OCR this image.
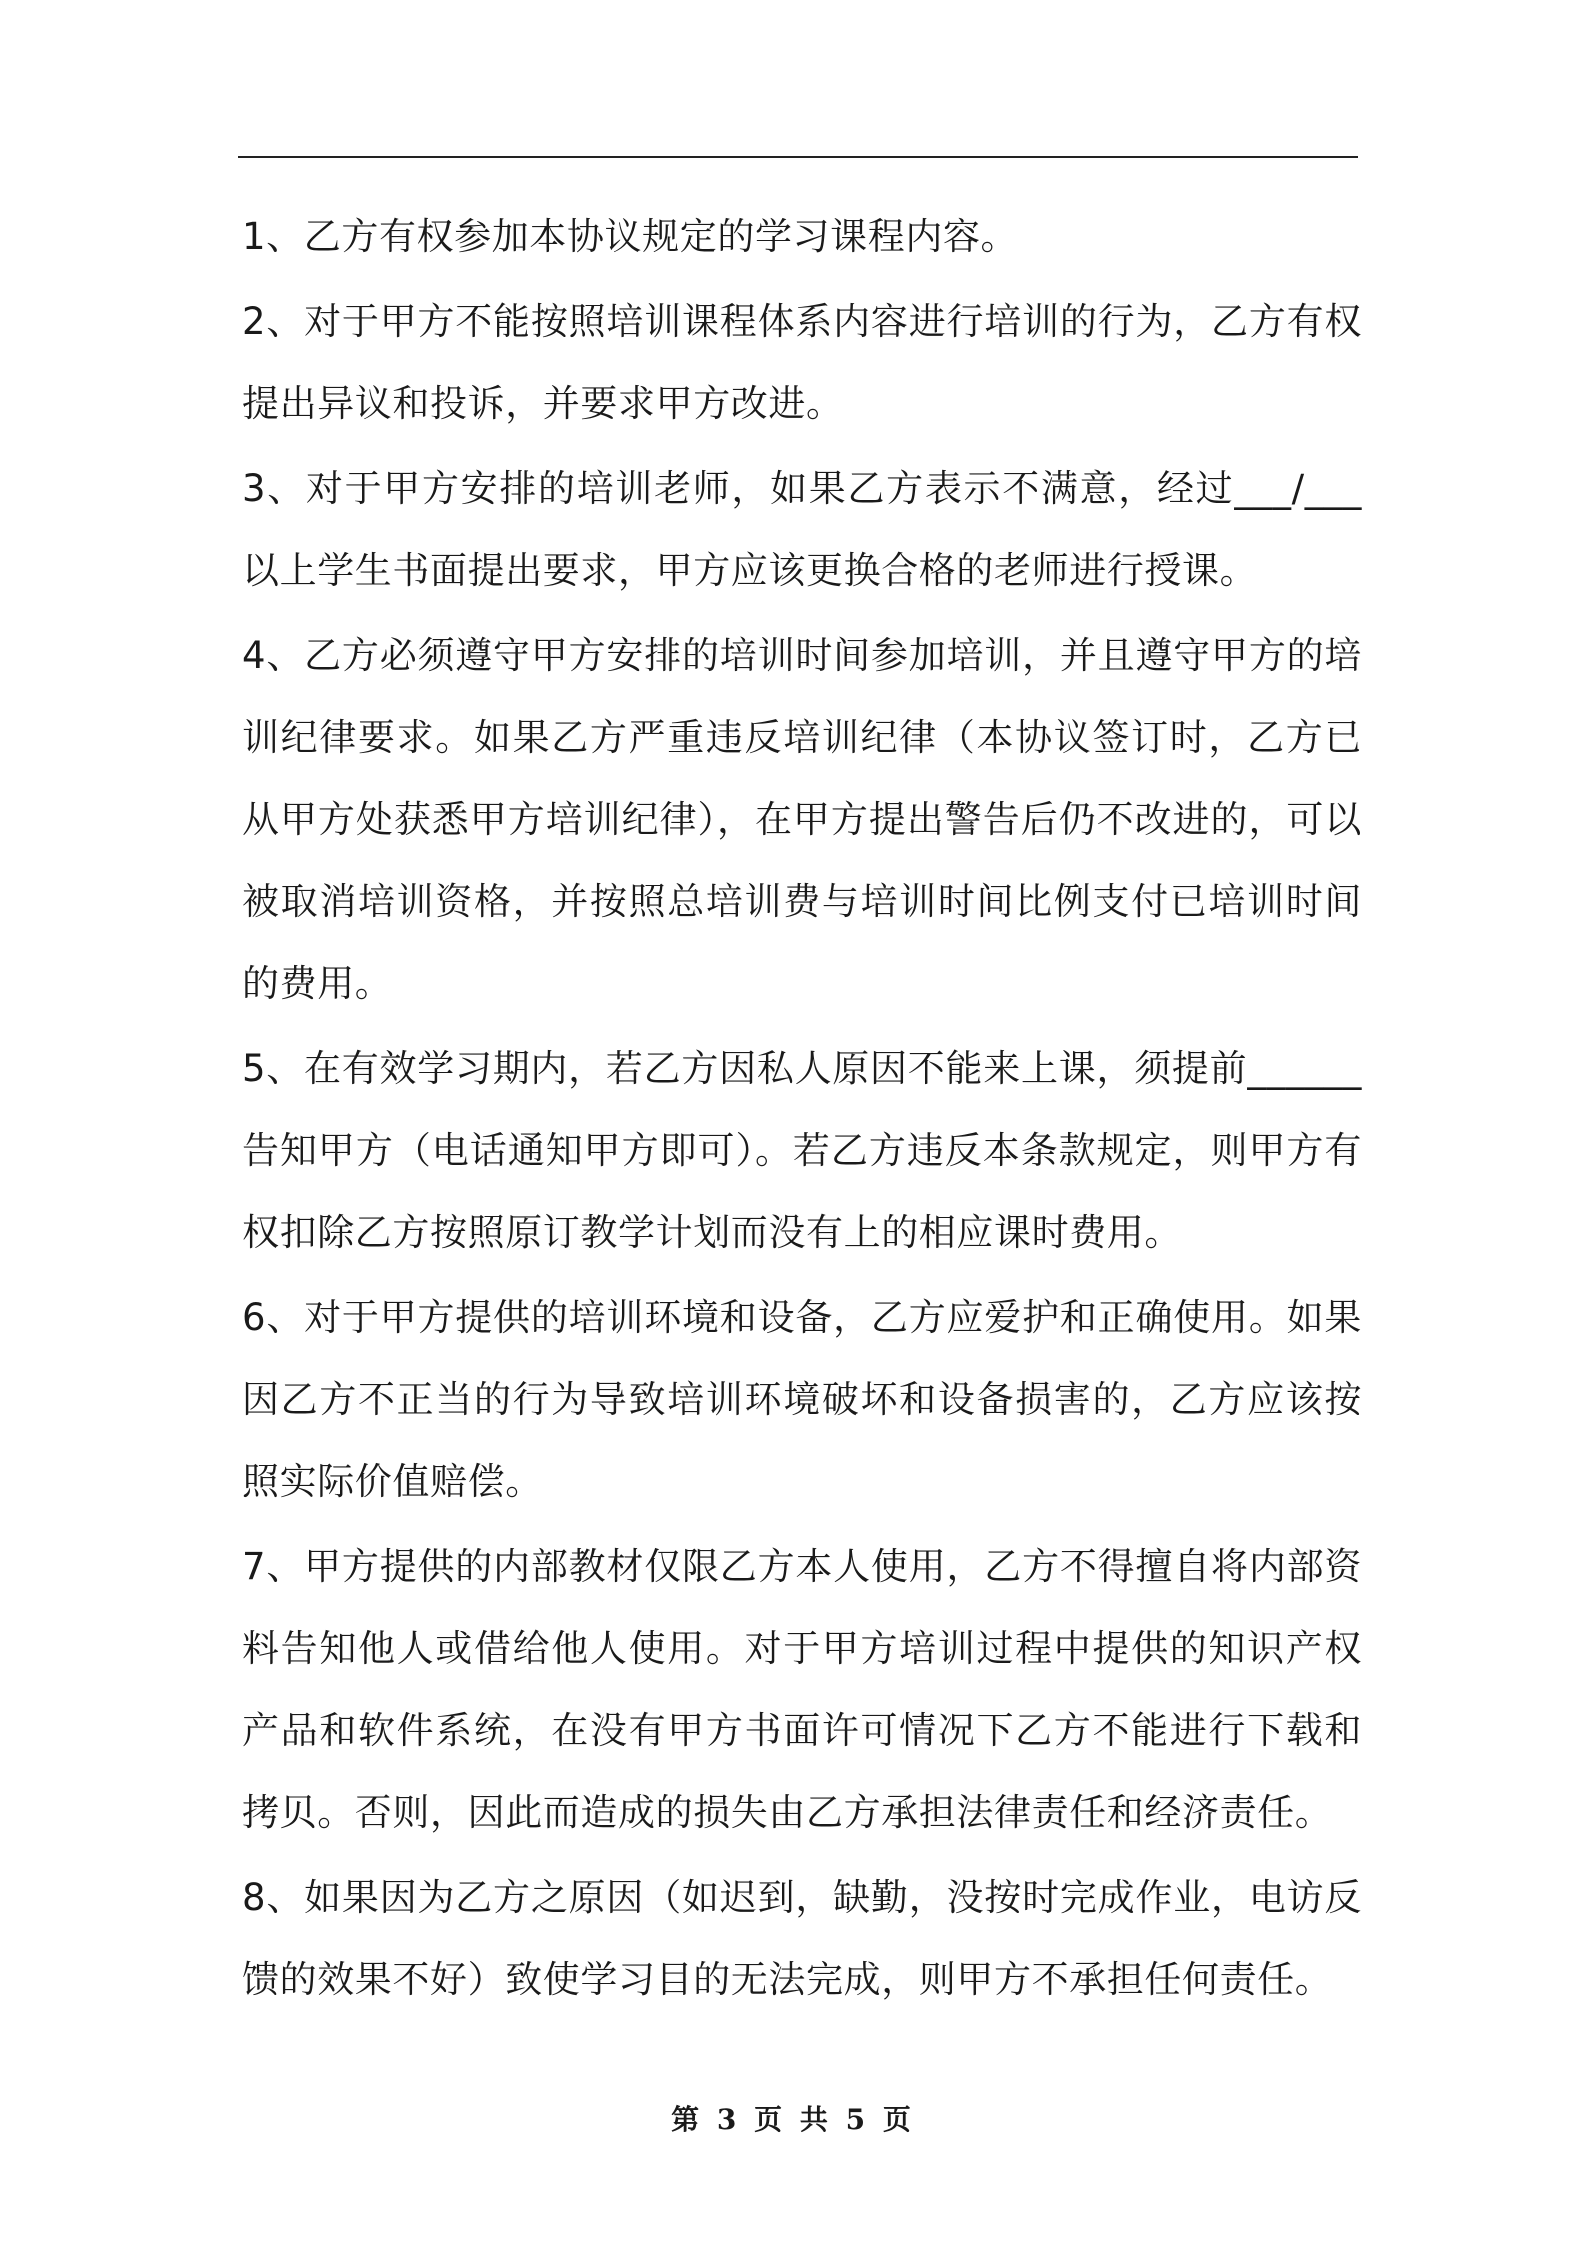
1、乙方有权参加本协议规定的学习课程内容。

2、对于甲方不能按照培训课程体系内容进行培训的行为，乙方有权提出异议和投诉，并要求甲方改进。

3、对于甲方安排的培训老师，如果乙方表示不满意，经过___/___以上学生书面提出要求，甲方应该更换合格的老师进行授课。

4、乙方必须遵守甲方安排的培训时间参加培训，并且遵守甲方的培训纪律要求。如果乙方严重违反培训纪律（本协议签订时，乙方已从甲方处获悉甲方培训纪律），在甲方提出警告后仍不改进的，可以被取消培训资格，并按照总培训费与培训时间比例支付已培训时间的费用。

5、在有效学习期内，若乙方因私人原因不能来上课，须提前______告知甲方（电话通知甲方即可）。若乙方违反本条款规定，则甲方有权扣除乙方按照原订教学计划而没有上的相应课时费用。

6、对于甲方提供的培训环境和设备，乙方应爱护和正确使用。如果因乙方不正当的行为导致培训环境破坏和设备损害的，乙方应该按照实际价值赔偿。

7、甲方提供的内部教材仅限乙方本人使用，乙方不得擅自将内部资料告知他人或借给他人使用。对于甲方培训过程中提供的知识产权产品和软件系统，在没有甲方书面许可情况下乙方不能进行下载和拷贝。否则，因此而造成的损失由乙方承担法律责任和经济责任。

8、如果因为乙方之原因（如迟到，缺勤，没按时完成作业，电访反馈的效果不好）致使学习目的无法完成，则甲方不承担任何责任。

第 3 页 共 5 页
